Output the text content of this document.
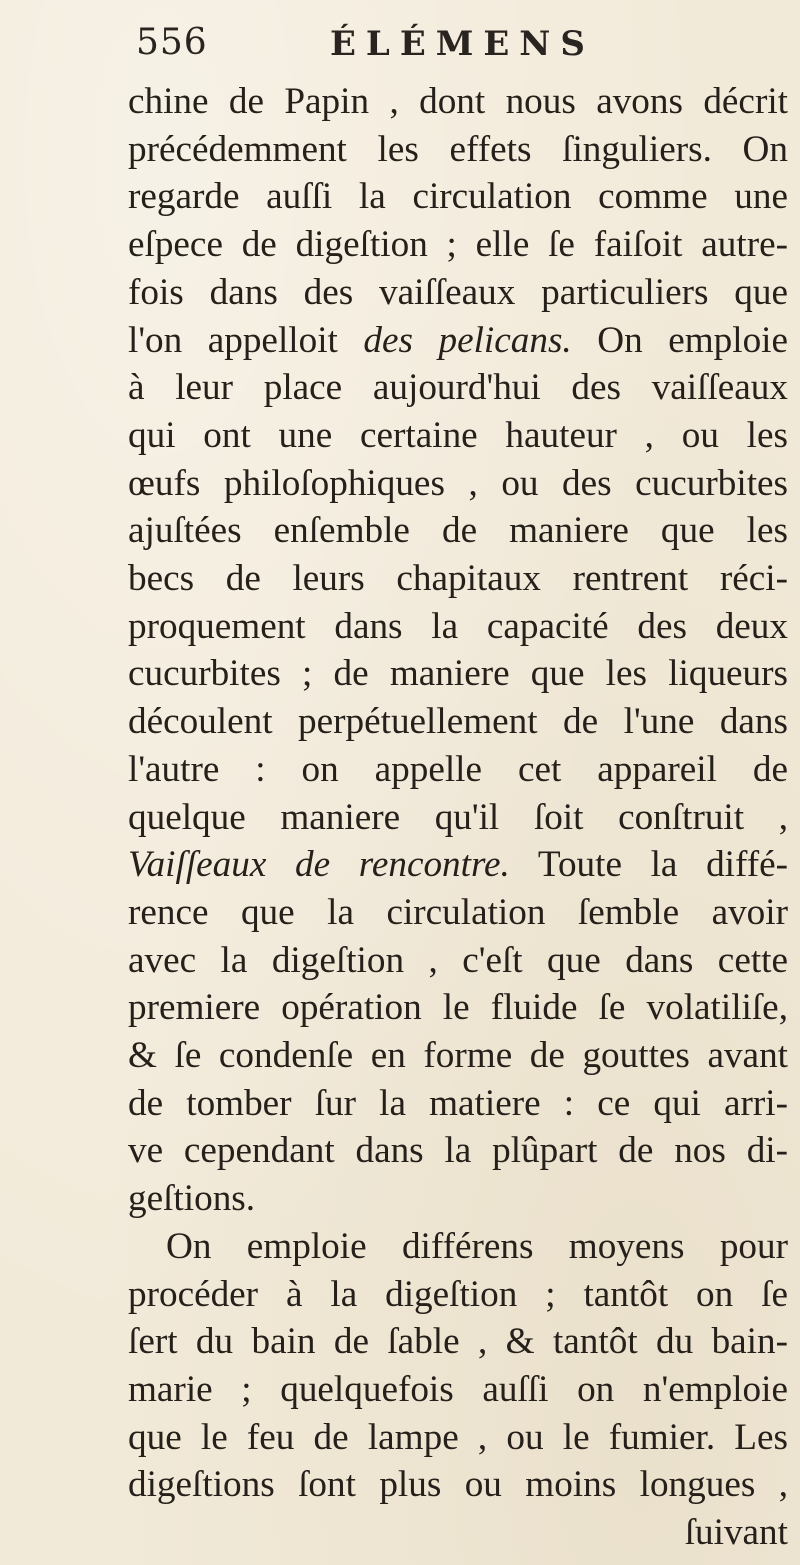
556	ÉLÉMENS
chine de Papin , dont nous avons décrit
précédemment les effets ſinguliers. On
regarde auſſi la circulation comme une
eſpece de digeſtion ; elle ſe faiſoit autre-
fois dans des vaiſſeaux particuliers que
l'on appelloit des pelicans. On emploie
à leur place aujourd'hui des vaiſſeaux
qui ont une certaine hauteur , ou les
œufs philoſophiques , ou des cucurbites
ajuſtées enſemble de maniere que les
becs de leurs chapitaux rentrent réci-
proquement dans la capacité des deux
cucurbites ; de maniere que les liqueurs
découlent perpétuellement de l'une dans
l'autre : on appelle cet appareil de
quelque maniere qu'il ſoit conſtruit ,
Vaiſſeaux de rencontre. Toute la diffé-
rence que la circulation ſemble avoir
avec la digeſtion , c'eſt que dans cette
premiere opération le fluide ſe volatiliſe,
& ſe condenſe en forme de gouttes avant
de tomber ſur la matiere : ce qui arri-
ve cependant dans la plûpart de nos di-
geſtions.
On emploie différens moyens pour
procéder à la digeſtion ; tantôt on ſe
ſert du bain de ſable , & tantôt du bain-
marie ; quelquefois auſſi on n'emploie
que le feu de lampe , ou le fumier. Les
digeſtions ſont plus ou moins longues ,
ſuivant
